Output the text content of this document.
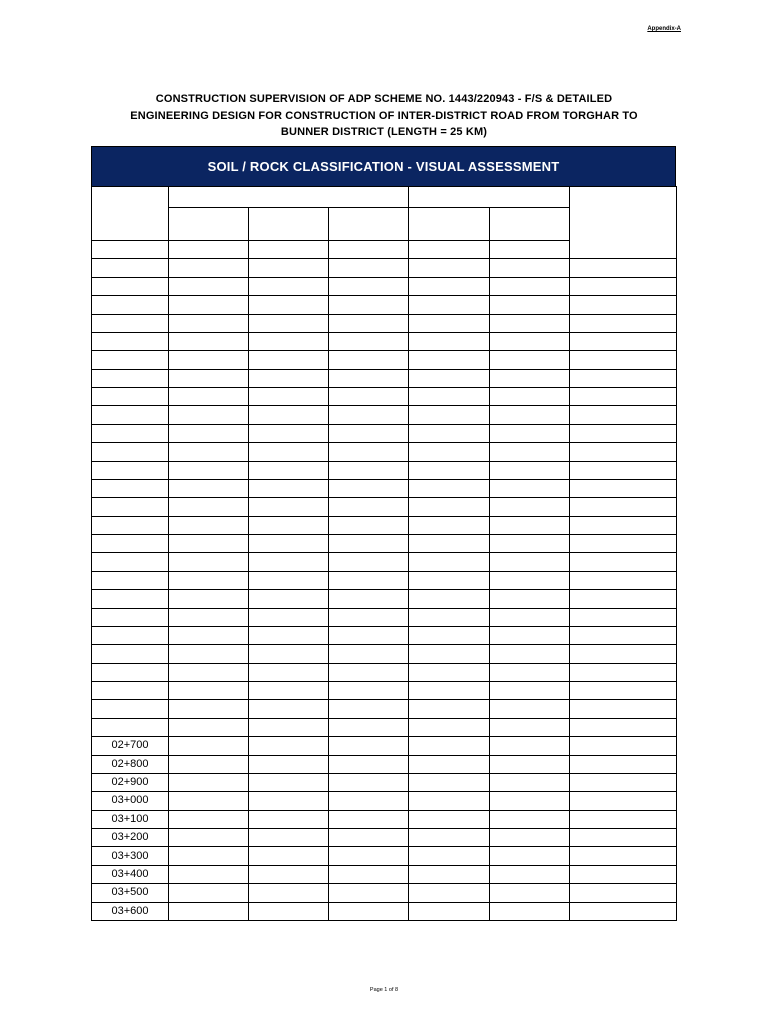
Appendix-A
CONSTRUCTION SUPERVISION OF ADP SCHEME NO. 1443/220943 - F/S & DETAILED
ENGINEERING DESIGN FOR CONSTRUCTION OF INTER-DISTRICT ROAD FROM TORGHAR TO
BUNNER DISTRICT (LENGTH = 25 KM)
SOIL / ROCK CLASSIFICATION - VISUAL ASSESSMENT

02+700						
02+800						
02+900						
03+000						
03+100						
03+200						
03+300						
03+400						
03+500						
03+600						
Page 1 of 8
